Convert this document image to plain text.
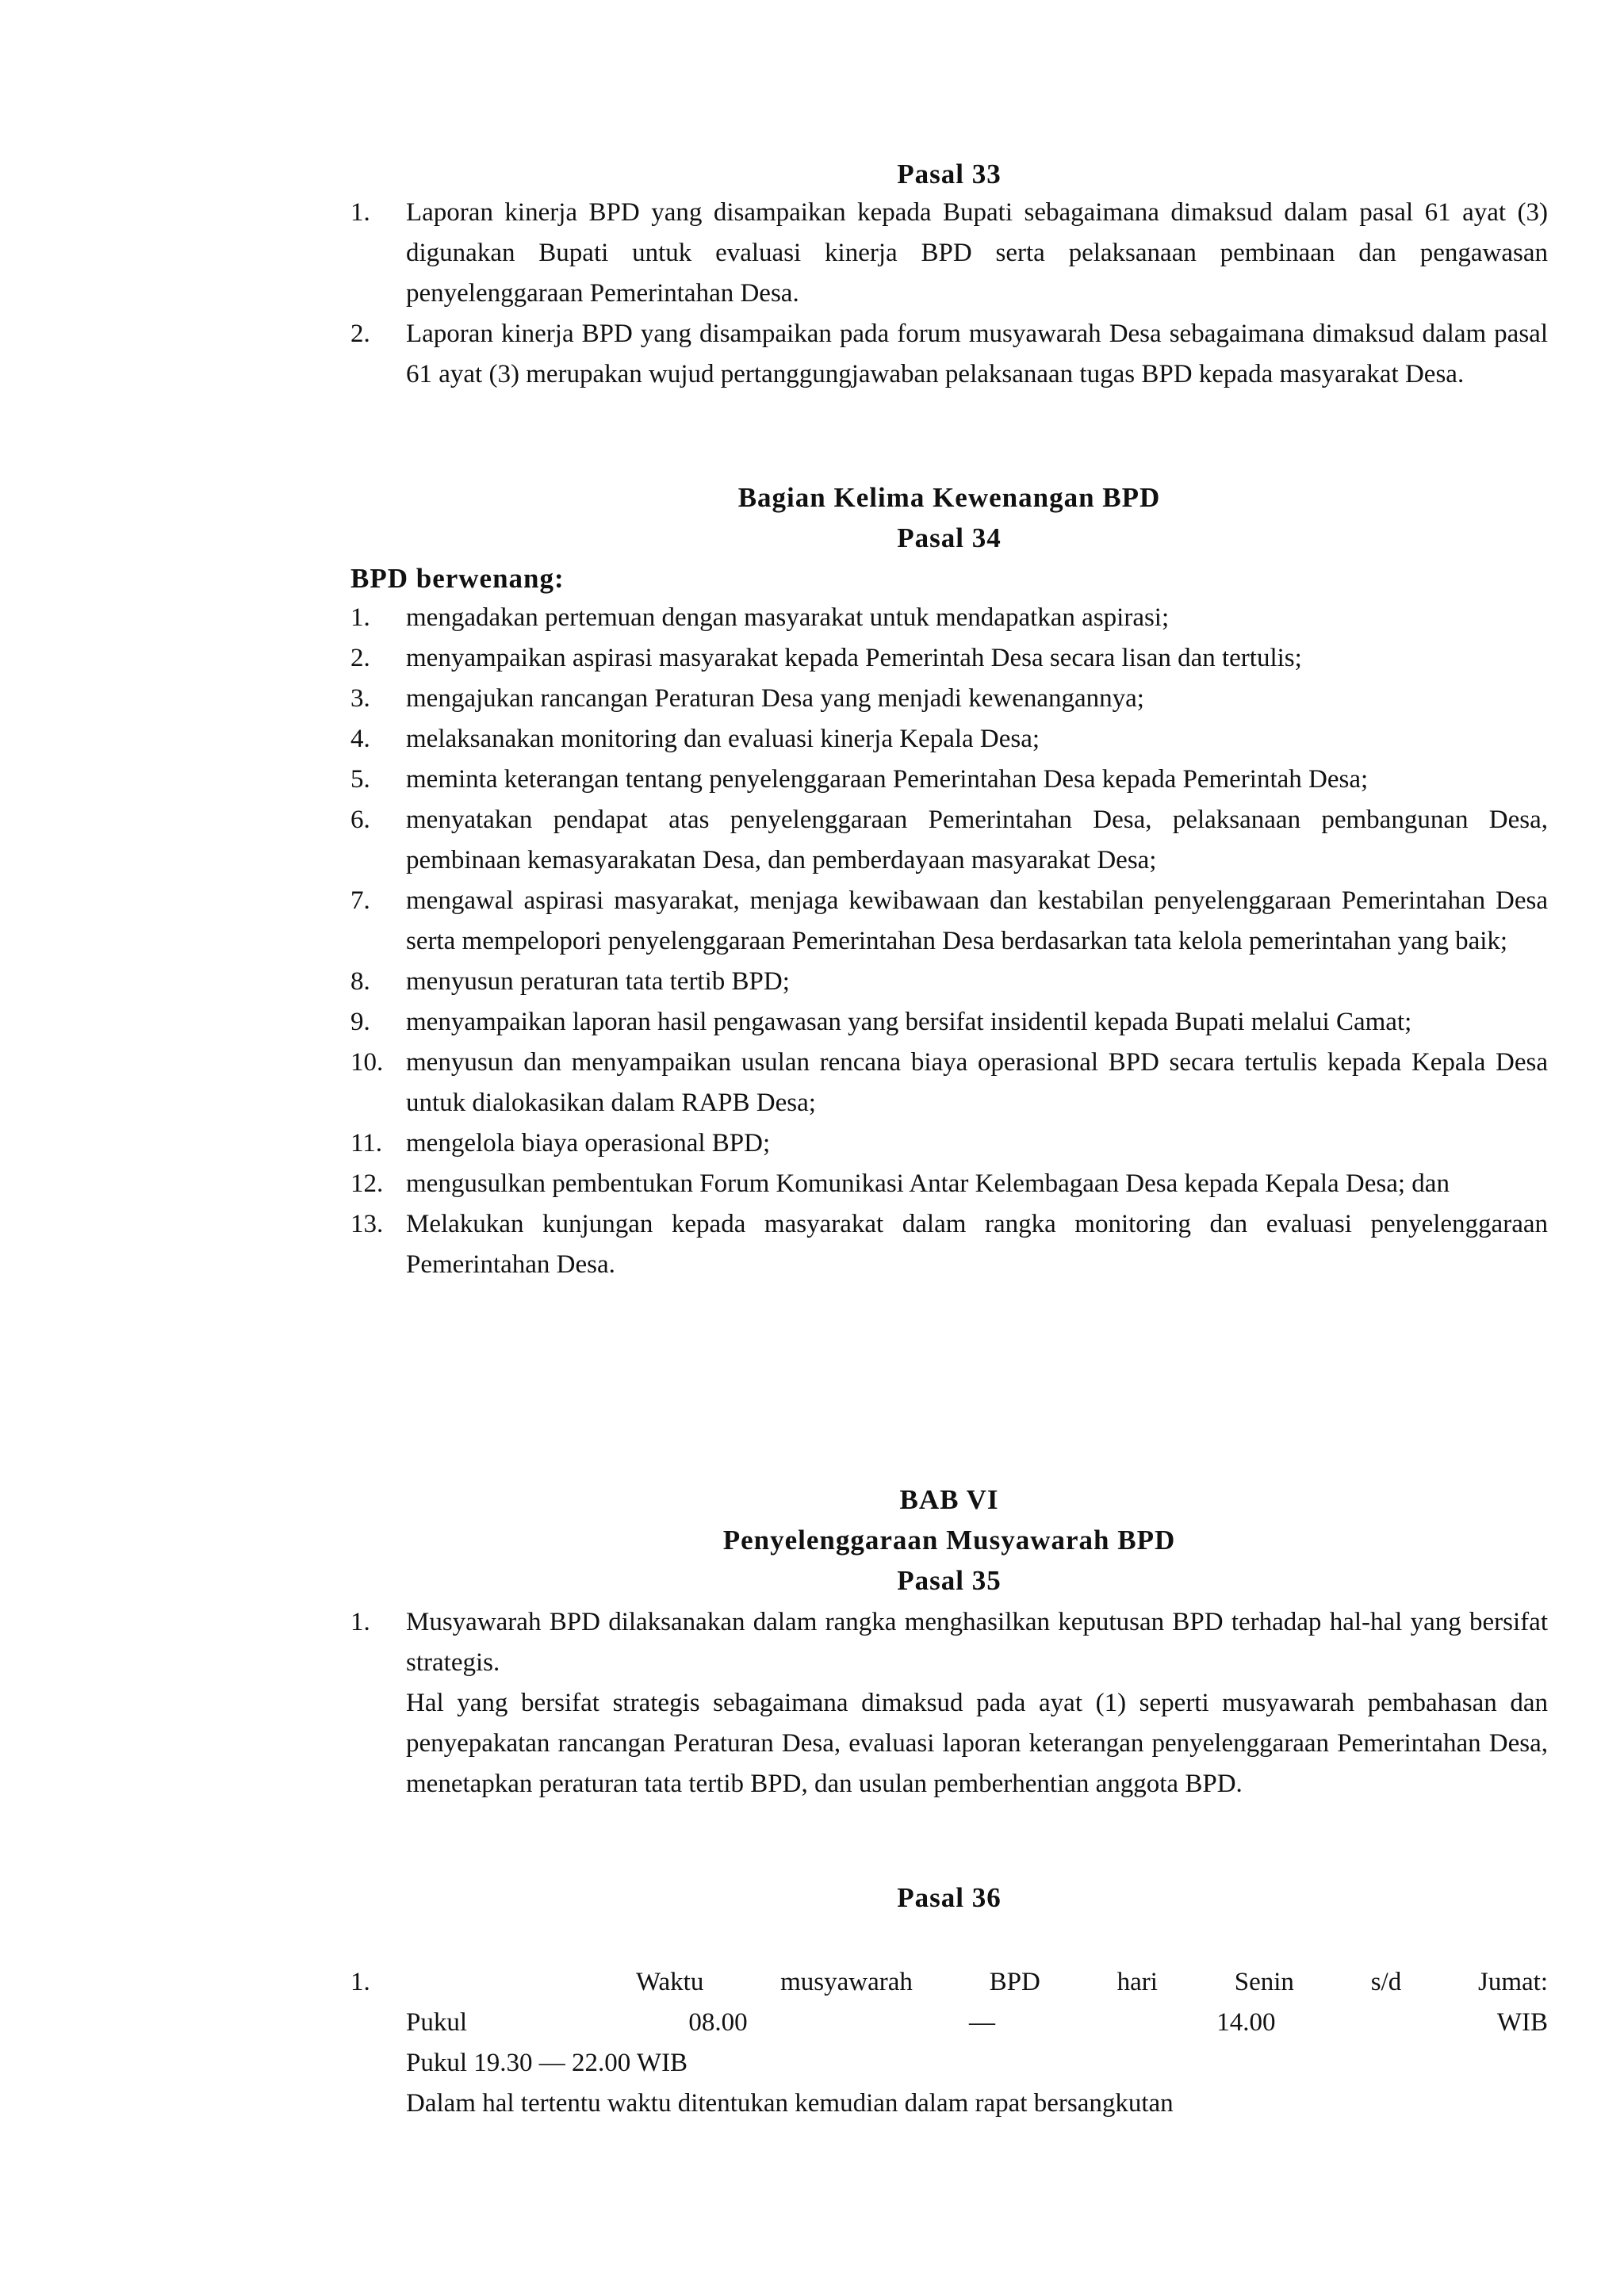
Pasal 33
1.	Laporan kinerja BPD yang disampaikan kepada Bupati sebagaimana dimaksud dalam pasal 61 ayat (3) digunakan Bupati untuk evaluasi kinerja BPD serta pelaksanaan pembinaan dan pengawasan penyelenggaraan Pemerintahan Desa.
2.	Laporan kinerja BPD yang disampaikan pada forum musyawarah Desa sebagaimana dimaksud dalam pasal 61 ayat (3) merupakan wujud pertanggungjawaban pelaksanaan tugas BPD kepada masyarakat Desa.
Bagian Kelima Kewenangan BPD
Pasal 34
BPD berwenang:
1.	mengadakan pertemuan dengan masyarakat untuk mendapatkan aspirasi;
2.	menyampaikan aspirasi masyarakat kepada Pemerintah Desa secara lisan dan tertulis;
3.	mengajukan rancangan Peraturan Desa yang menjadi kewenangannya;
4.	melaksanakan monitoring dan evaluasi kinerja Kepala Desa;
5.	meminta keterangan tentang penyelenggaraan Pemerintahan Desa kepada Pemerintah Desa;
6.	menyatakan pendapat atas penyelenggaraan Pemerintahan Desa, pelaksanaan pembangunan Desa, pembinaan kemasyarakatan Desa, dan pemberdayaan masyarakat Desa;
7.	mengawal aspirasi masyarakat, menjaga kewibawaan dan kestabilan penyelenggaraan Pemerintahan Desa serta mempelopori penyelenggaraan Pemerintahan Desa berdasarkan tata kelola pemerintahan yang baik;
8.	menyusun peraturan tata tertib BPD;
9.	menyampaikan laporan hasil pengawasan yang bersifat insidentil kepada Bupati melalui Camat;
10. menyusun dan menyampaikan usulan rencana biaya operasional BPD secara tertulis kepada Kepala Desa untuk dialokasikan dalam RAPB Desa;
11. mengelola biaya operasional BPD;
12. mengusulkan pembentukan Forum Komunikasi Antar Kelembagaan Desa kepada Kepala Desa; dan
13. Melakukan kunjungan kepada masyarakat dalam rangka monitoring dan evaluasi penyelenggaraan Pemerintahan Desa.
BAB VI
Penyelenggaraan Musyawarah BPD
Pasal 35
1.	Musyawarah BPD dilaksanakan dalam rangka menghasilkan keputusan BPD terhadap hal-hal yang bersifat strategis.
Hal yang bersifat strategis sebagaimana dimaksud pada ayat (1) seperti musyawarah pembahasan dan penyepakatan rancangan Peraturan Desa, evaluasi laporan keterangan penyelenggaraan Pemerintahan Desa, menetapkan peraturan tata tertib BPD, dan usulan pemberhentian anggota BPD.
Pasal 36
1.	Waktu	musyawarah	BPD	hari	Senin	s/d	Jumat:
Pukul	08.00	—	14.00	WIB
Pukul 19.30 — 22.00 WIB
Dalam hal tertentu waktu ditentukan kemudian dalam rapat bersangkutan
